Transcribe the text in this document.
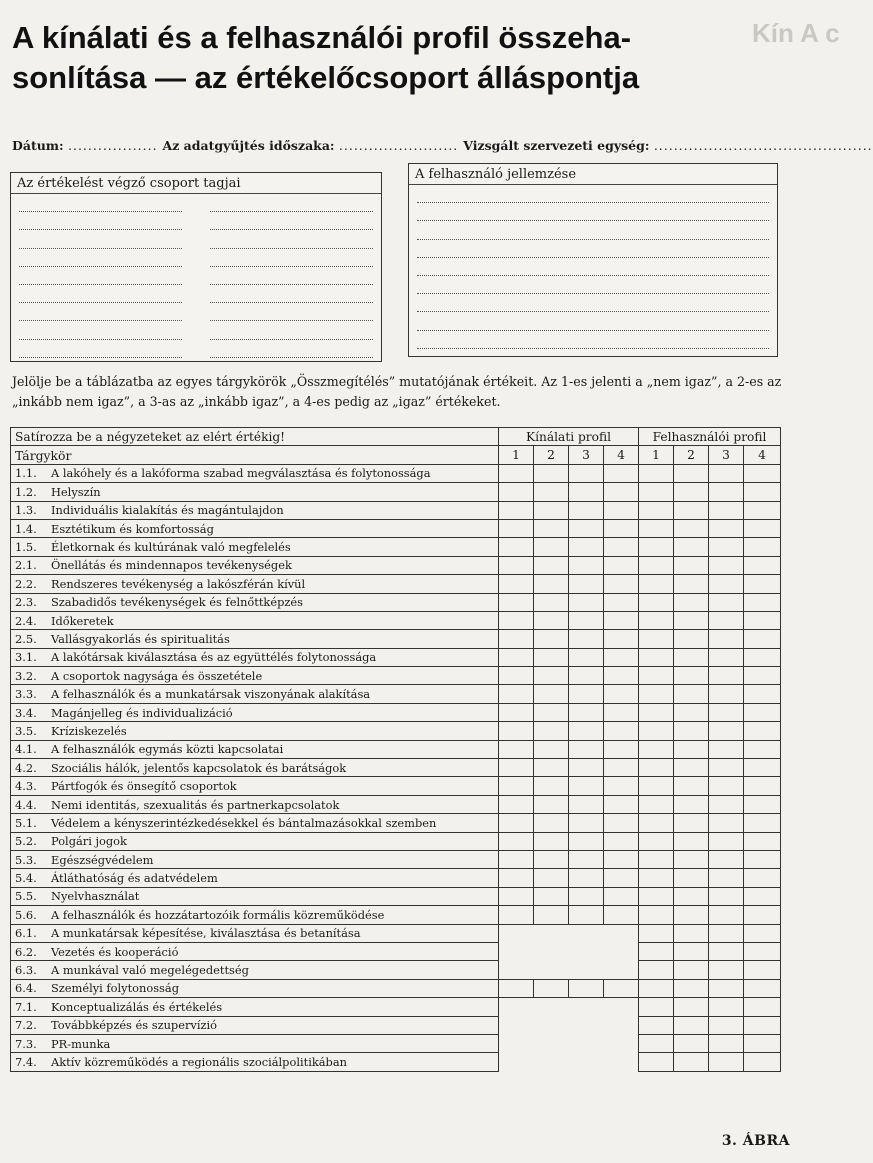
A kínálati és a felhasználói profil összeha-sonlítása — az értékelőcsoport álláspontja
Kín A c
Dátum: .................. Az adatgyűjtés időszaka: ........................ Vizsgált szervezeti egység: ............................................
Az értékelést végző csoport tagjai
A felhasználó jellemzése

Jelölje be a táblázatba az egyes tárgykörök „Összmegítélés” mutatójának értékeit. Az 1-es jelenti a „nem igaz”, a 2-es az „inkább nem igaz”, a 3-as az „inkább igaz”, a 4-es pedig az „igaz” értékeket.

Satírozza be a négyzeteket az elért értékig!	Kínálati profil				Felhasználói profil			
Tárgykör	1	2	3	4	1	2	3	4
1.1. A lakóhely és a lakóforma szabad megválasztása és folytonossága								
1.2. Helyszín								
1.3. Individuális kialakítás és magántulajdon								
1.4. Esztétikum és komfortosság								
1.5. Életkornak és kultúrának való megfelelés								
2.1. Önellátás és mindennapos tevékenységek								
2.2. Rendszeres tevékenység a lakószférán kívül								
2.3. Szabadidős tevékenységek és felnőttképzés								
2.4. Időkeretek								
2.5. Vallásgyakorlás és spiritualitás								
3.1. A lakótársak kiválasztása és az együttélés folytonossága								
3.2. A csoportok nagysága és összetétele								
3.3. A felhasználók és a munkatársak viszonyának alakítása								
3.4. Magánjelleg és individualizáció								
3.5. Kríziskezelés								
4.1. A felhasználók egymás közti kapcsolatai								
4.2. Szociális hálók, jelentős kapcsolatok és barátságok								
4.3. Pártfogók és önsegítő csoportok								
4.4. Nemi identitás, szexualitás és partnerkapcsolatok								
5.1. Védelem a kényszerintézkedésekkel és bántalmazásokkal szemben								
5.2. Polgári jogok								
5.3. Egészségvédelem								
5.4. Átláthatóság és adatvédelem								
5.5. Nyelvhasználat								
5.6. A felhasználók és hozzátartozóik formális közreműködése								
6.1. A munkatársak képesítése, kiválasztása és betanítása								
6.2. Vezetés és kooperáció								
6.3. A munkával való megelégedettség								
6.4. Személyi folytonosság								
7.1. Konceptualizálás és értékelés								
7.2. Továbbképzés és szupervízió								
7.3. PR-munka								
7.4. Aktív közreműködés a regionális szociálpolitikában								
3. ÁBRA
